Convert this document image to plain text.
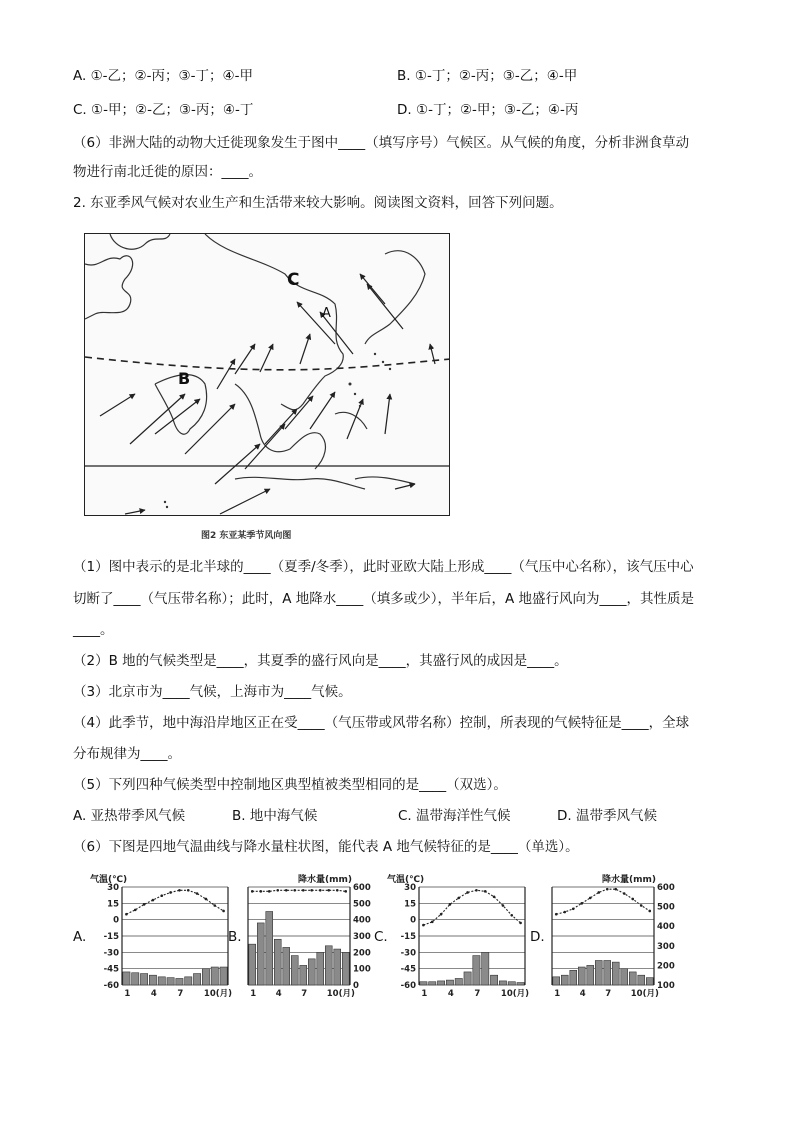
A. ①-乙；②-丙；③-丁；④-甲	B. ①-丁；②-丙；③-乙；④-甲
C. ①-甲；②-乙；③-丙；④-丁	D. ①-丁；②-甲；③-乙；④-丙
（6）非洲大陆的动物大迁徙现象发生于图中____（填写序号）气候区。从气候的角度，分析非洲食草动
物进行南北迁徙的原因：____。
2. 东亚季风气候对农业生产和生活带来较大影响。阅读图文资料，回答下列问题。
C
A
B
图2 东亚某季节风向图
（1）图中表示的是北半球的____（夏季/冬季），此时亚欧大陆上形成____（气压中心名称），该气压中心
切断了____（气压带名称）；此时，A 地降水____（填多或少），半年后，A 地盛行风向为____，其性质是
____。
（2）B 地的气候类型是____，其夏季的盛行风向是____，其盛行风的成因是____。
（3）北京市为____气候，上海市为____气候。
（4）此季节，地中海沿岸地区正在受____（气压带或风带名称）控制，所表现的气候特征是____，全球
分布规律为____。
（5）下列四种气候类型中控制地区典型植被类型相同的是____（双选）。
A. 亚热带季风气候	B. 地中海气候	C. 温带海洋性气候	D. 温带季风气候
（6）下图是四地气温曲线与降水量柱状图，能代表 A 地气候特征的是____（单选）。
A.
气温(℃)
30
15
0
-15
-30
-45
-60
1 4 7 10(月)
B.
降水量(mm)
600
500
400
300
200
100
0
1 4 7 10(月)
C.
气温(℃)
30
15
0
-15
-30
-45
-60
1 4 7 10(月)
D.
降水量(mm)
600
500
400
300
200
100
1 4 7 10(月)
